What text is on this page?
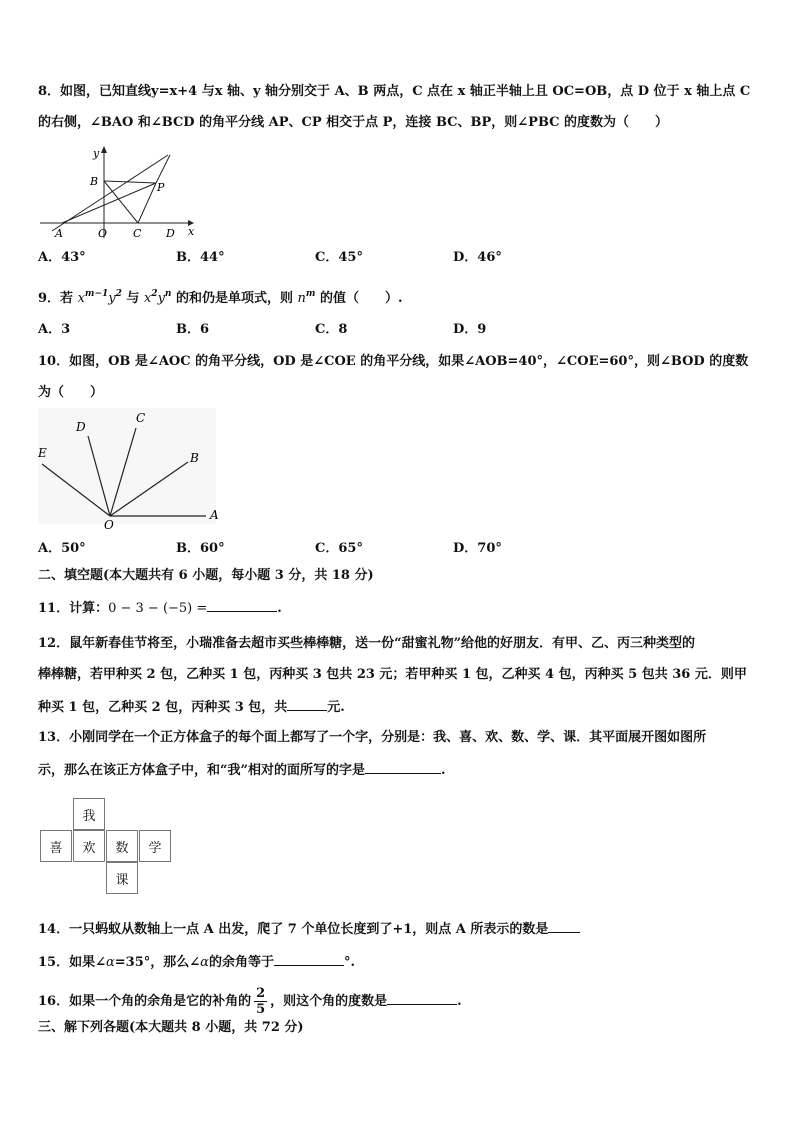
8．如图，已知直线y=x+4 与x 轴、y 轴分别交于 A、B 两点，C 点在 x 轴正半轴上且 OC=OB，点 D 位于 x 轴上点 C
的右侧，∠BAO 和∠BCD 的角平分线 AP、CP 相交于点 P，连接 BC、BP，则∠PBC 的度数为（　　）
y
x
A
B
O C D
P
A．43°	B．44°	C．45°	D．46°
9．若 $x^{m-1}y^2$ 与 $x^2y^n$ 的和仍是单项式，则 $n^m$ 的值（　　）.
A．3	B．6	C．8	D．9
10．如图，OB 是∠AOC 的角平分线，OD 是∠COE 的角平分线，如果∠AOB=40°，∠COE=60°，则∠BOD 的度数
为（　　）
A
B
C
D
E
O
A．50°	B．60°	C．65°	D．70°
二、填空题(本大题共有 6 小题，每小题 3 分，共 18 分)
11．计算：0 − 3 − (−5) =	.
12．鼠年新春佳节将至，小瑞准备去超市买些棒棒糖，送一份“甜蜜礼物”给他的好朋友．有甲、乙、丙三种类型的
棒棒糖，若甲种买 2 包，乙种买 1 包，丙种买 3 包共 23 元；若甲种买 1 包，乙种买 4 包，丙种买 5 包共 36 元．则甲
种买 1 包，乙种买 2 包，丙种买 3 包，共	元.
13．小刚同学在一个正方体盒子的每个面上都写了一个字，分别是：我、喜、欢、数、学、课．其平面展开图如图所
示，那么在该正方体盒子中，和“我”相对的面所写的字是	.
我
喜	欢	数	学
课
14．一只蚂蚁从数轴上一点 A 出发，爬了 7 个单位长度到了+1，则点 A 所表示的数是
15．如果∠α=35°，那么∠α的余角等于	°.
16．如果一个角的余角是它的补角的 $\frac{2}{5}$ ，则这个角的度数是	.
三、解下列各题(本大题共 8 小题，共 72 分)
